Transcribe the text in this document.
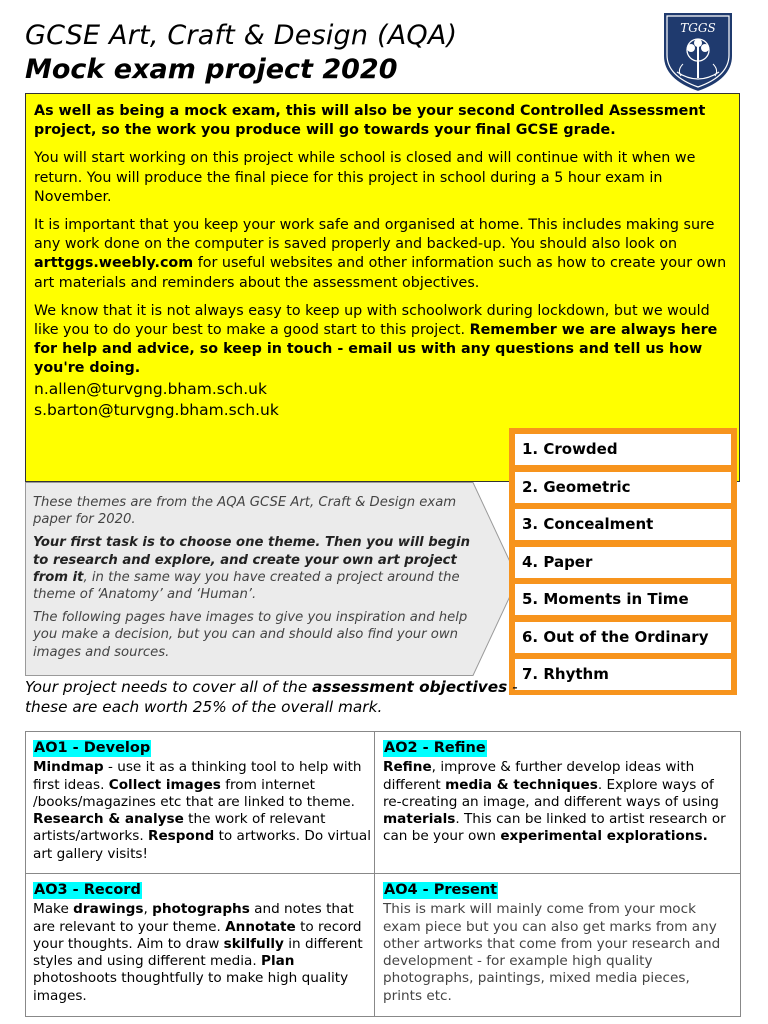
GCSE Art, Craft & Design (AQA)
Mock exam project 2020
TGGS

As well as being a mock exam, this will also be your second Controlled Assessment project, so the work you produce will go towards your final GCSE grade.

You will start working on this project while school is closed and will continue with it when we return. You will produce the final piece for this project in school during a 5 hour exam in November.

It is important that you keep your work safe and organised at home. This includes making sure any work done on the computer is saved properly and backed-up. You should also look on arttggs.weebly.com for useful websites and other information such as how to create your own art materials and reminders about the assessment objectives.

We know that it is not always easy to keep up with schoolwork during lockdown, but we would like you to do your best to make a good start to this project. Remember we are always here for help and advice, so keep in touch - email us with any questions and tell us how you're doing.

n.allen@turvgng.bham.sch.uk
s.barton@turvgng.bham.sch.uk

These themes are from the AQA GCSE Art, Craft & Design exam paper for 2020.

Your first task is to choose one theme. Then you will begin to research and explore, and create your own art project from it, in the same way you have created a project around the theme of ‘Anatomy’ and ‘Human’.

The following pages have images to give you inspiration and help you make a decision, but you can and should also find your own images and sources.

1. Crowded
2. Geometric
3. Concealment
4. Paper
5. Moments in Time
6. Out of the Ordinary
7. Rhythm
Your project needs to cover all of the assessment objectives - these are each worth 25% of the overall mark.
AO1 - Develop
Mindmap - use it as a thinking tool to help with first ideas. Collect images from internet /books/magazines etc that are linked to theme. Research & analyse the work of relevant artists/artworks. Respond to artworks. Do virtual art gallery visits!
AO2 - Refine
Refine, improve & further develop ideas with different media & techniques. Explore ways of re-creating an image, and different ways of using materials. This can be linked to artist research or can be your own experimental explorations.
AO3 - Record
Make drawings, photographs and notes that are relevant to your theme. Annotate to record your thoughts. Aim to draw skilfully in different styles and using different media. Plan photoshoots thoughtfully to make high quality images.
AO4 - Present
This is mark will mainly come from your mock exam piece but you can also get marks from any other artworks that come from your research and development - for example high quality photographs, paintings, mixed media pieces, prints etc.
